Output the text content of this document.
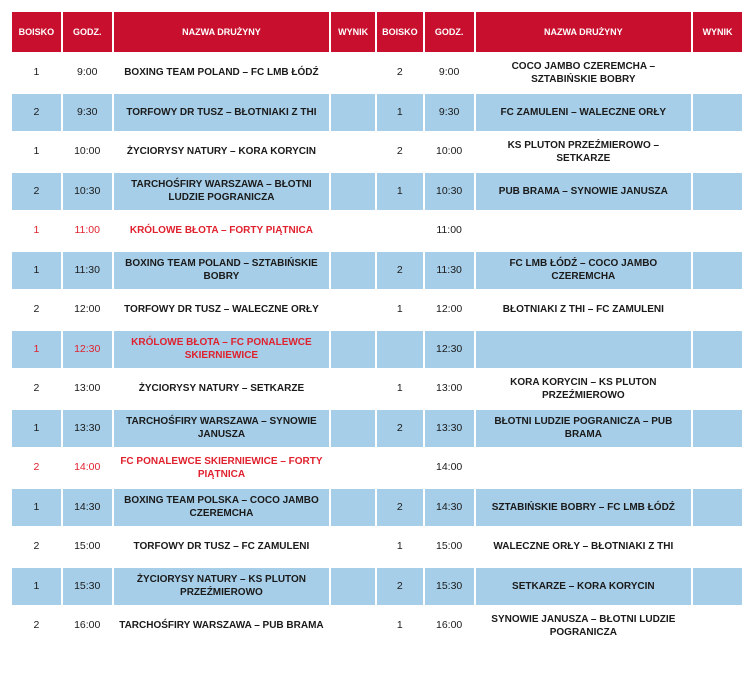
BOISKO	GODZ.	NAZWA DRUŻYNY	WYNIK	BOISKO	GODZ.	NAZWA DRUŻYNY	WYNIK
1	9:00	BOXING TEAM POLAND – FC LMB ŁÓDŹ		2	9:00	COCO JAMBO CZEREMCHA – SZTABIŃSKIE BOBRY	
2	9:30	TORFOWY DR TUSZ – BŁOTNIAKI Z THI		1	9:30	FC ZAMULENI – WALECZNE ORŁY	
1	10:00	ŻYCIORYSY NATURY – KORA KORYCIN		2	10:00	KS PLUTON PRZEŹMIEROWO – SETKARZE	
2	10:30	TARCHOŚFIRY WARSZAWA – BŁOTNI LUDZIE POGRANICZA		1	10:30	PUB BRAMA – SYNOWIE JANUSZA	
1	11:00	KRÓLOWE BŁOTA – FORTY PIĄTNICA			11:00		
1	11:30	BOXING TEAM POLAND – SZTABIŃSKIE BOBRY		2	11:30	FC LMB ŁÓDŹ – COCO JAMBO CZEREMCHA	
2	12:00	TORFOWY DR TUSZ – WALECZNE ORŁY		1	12:00	BŁOTNIAKI Z THI – FC ZAMULENI	
1	12:30	KRÓLOWE BŁOTA – FC PONALEWCE SKIERNIEWICE			12:30		
2	13:00	ŻYCIORYSY NATURY – SETKARZE		1	13:00	KORA KORYCIN – KS PLUTON PRZEŹMIEROWO	
1	13:30	TARCHOŚFIRY WARSZAWA – SYNOWIE JANUSZA		2	13:30	BŁOTNI LUDZIE POGRANICZA – PUB BRAMA	
2	14:00	FC PONALEWCE SKIERNIEWICE – FORTY PIĄTNICA			14:00		
1	14:30	BOXING TEAM POLSKA – COCO JAMBO CZEREMCHA		2	14:30	SZTABIŃSKIE BOBRY – FC LMB ŁÓDŹ	
2	15:00	TORFOWY DR TUSZ – FC ZAMULENI		1	15:00	WALECZNE ORŁY – BŁOTNIAKI Z THI	
1	15:30	ŻYCIORYSY NATURY – KS PLUTON PRZEŹMIEROWO		2	15:30	SETKARZE – KORA KORYCIN	
2	16:00	TARCHOŚFIRY WARSZAWA – PUB BRAMA		1	16:00	SYNOWIE JANUSZA – BŁOTNI LUDZIE POGRANICZA	
